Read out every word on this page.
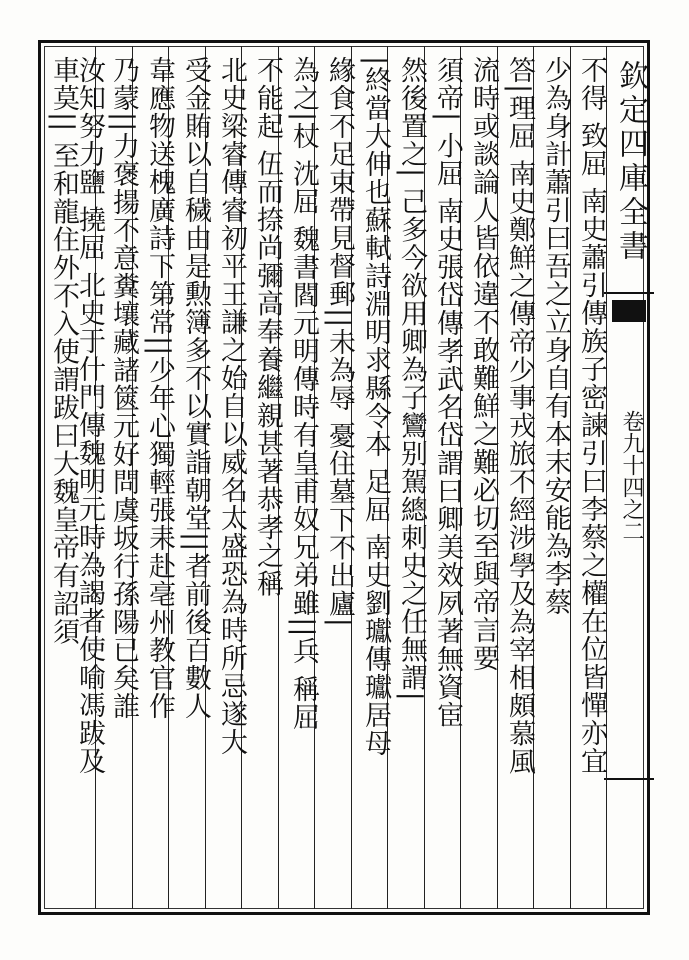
欽定四庫全書
卷九十四之二
不得 致屈 南史蕭引傳族子密諫引曰李蔡之權在位皆憚亦宜
少為身計蕭引曰吾之立身自有本末安能為李蔡
答|理屈 南史鄭鮮之傳帝少事戎旅不經涉學及為宰相頗慕風
流時或談論人皆依違不敢難鮮之難必切至與帝言要
須帝| 小屈 南史張岱傳孝武名岱謂曰卿美效夙著無資宦
然後置之| 己多今欲用卿為子鸞别駕總刺史之任無謂|
|終當大伸也蘇軾詩淵明求縣令本 足屈 南史劉瓛傳瓛居母
緣食不足束帶見督郵||未為辱 憂住墓下不出廬|
為之|杖 沈屈 魏書閻元明傳時有皇甫奴兄弟雖||兵 稱屈
不能起 伍而捺尚彌高奉養繼親甚著恭孝之稱
北史梁睿傳睿初平王謙之始自以威名太盛恐為時所忌遂大
受金賄以自穢由是勲簿多不以實詣朝堂||者前後百數人
韋應物送槐廣詩下第常||少年心獨輕張耒赴亳州教官作
乃蒙||力褒揚不意糞壤藏諸篋元好問虞坂行孫陽已矣誰
汝知努力鹽 撓屈 北史于什門傳魏明元時為謁者使喻馮跋及
車莫|| 至和龍住外不入使謂跋曰大魏皇帝有詔須
